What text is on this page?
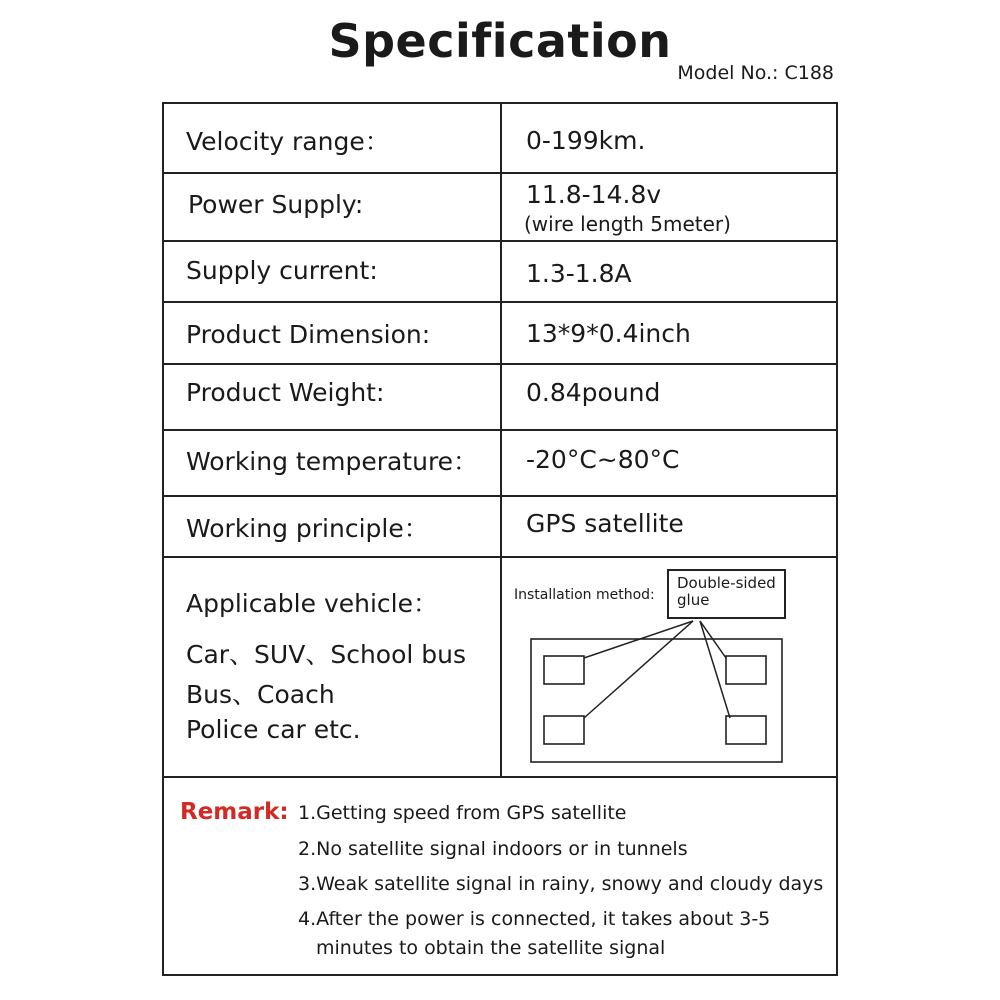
Specification
Model No.: C188
Velocity range：	0-199km.
Power Supply:	11.8-14.8v
(wire length 5meter)
Supply current:	1.3-1.8A
Product Dimension:	13*9*0.4inch
Product Weight:	0.84pound
Working temperature： -20°C~80°C
Working principle：	GPS satellite
Applicable vehicle：
Car、SUV、School bus
Bus、Coach
Police car etc.
Installation method:
Double-sided
glue
Remark: 1.Getting speed from GPS satellite
2.No satellite signal indoors or in tunnels
3.Weak satellite signal in rainy, snowy and cloudy days
4.After the power is connected, it takes about 3-5
minutes to obtain the satellite signal
